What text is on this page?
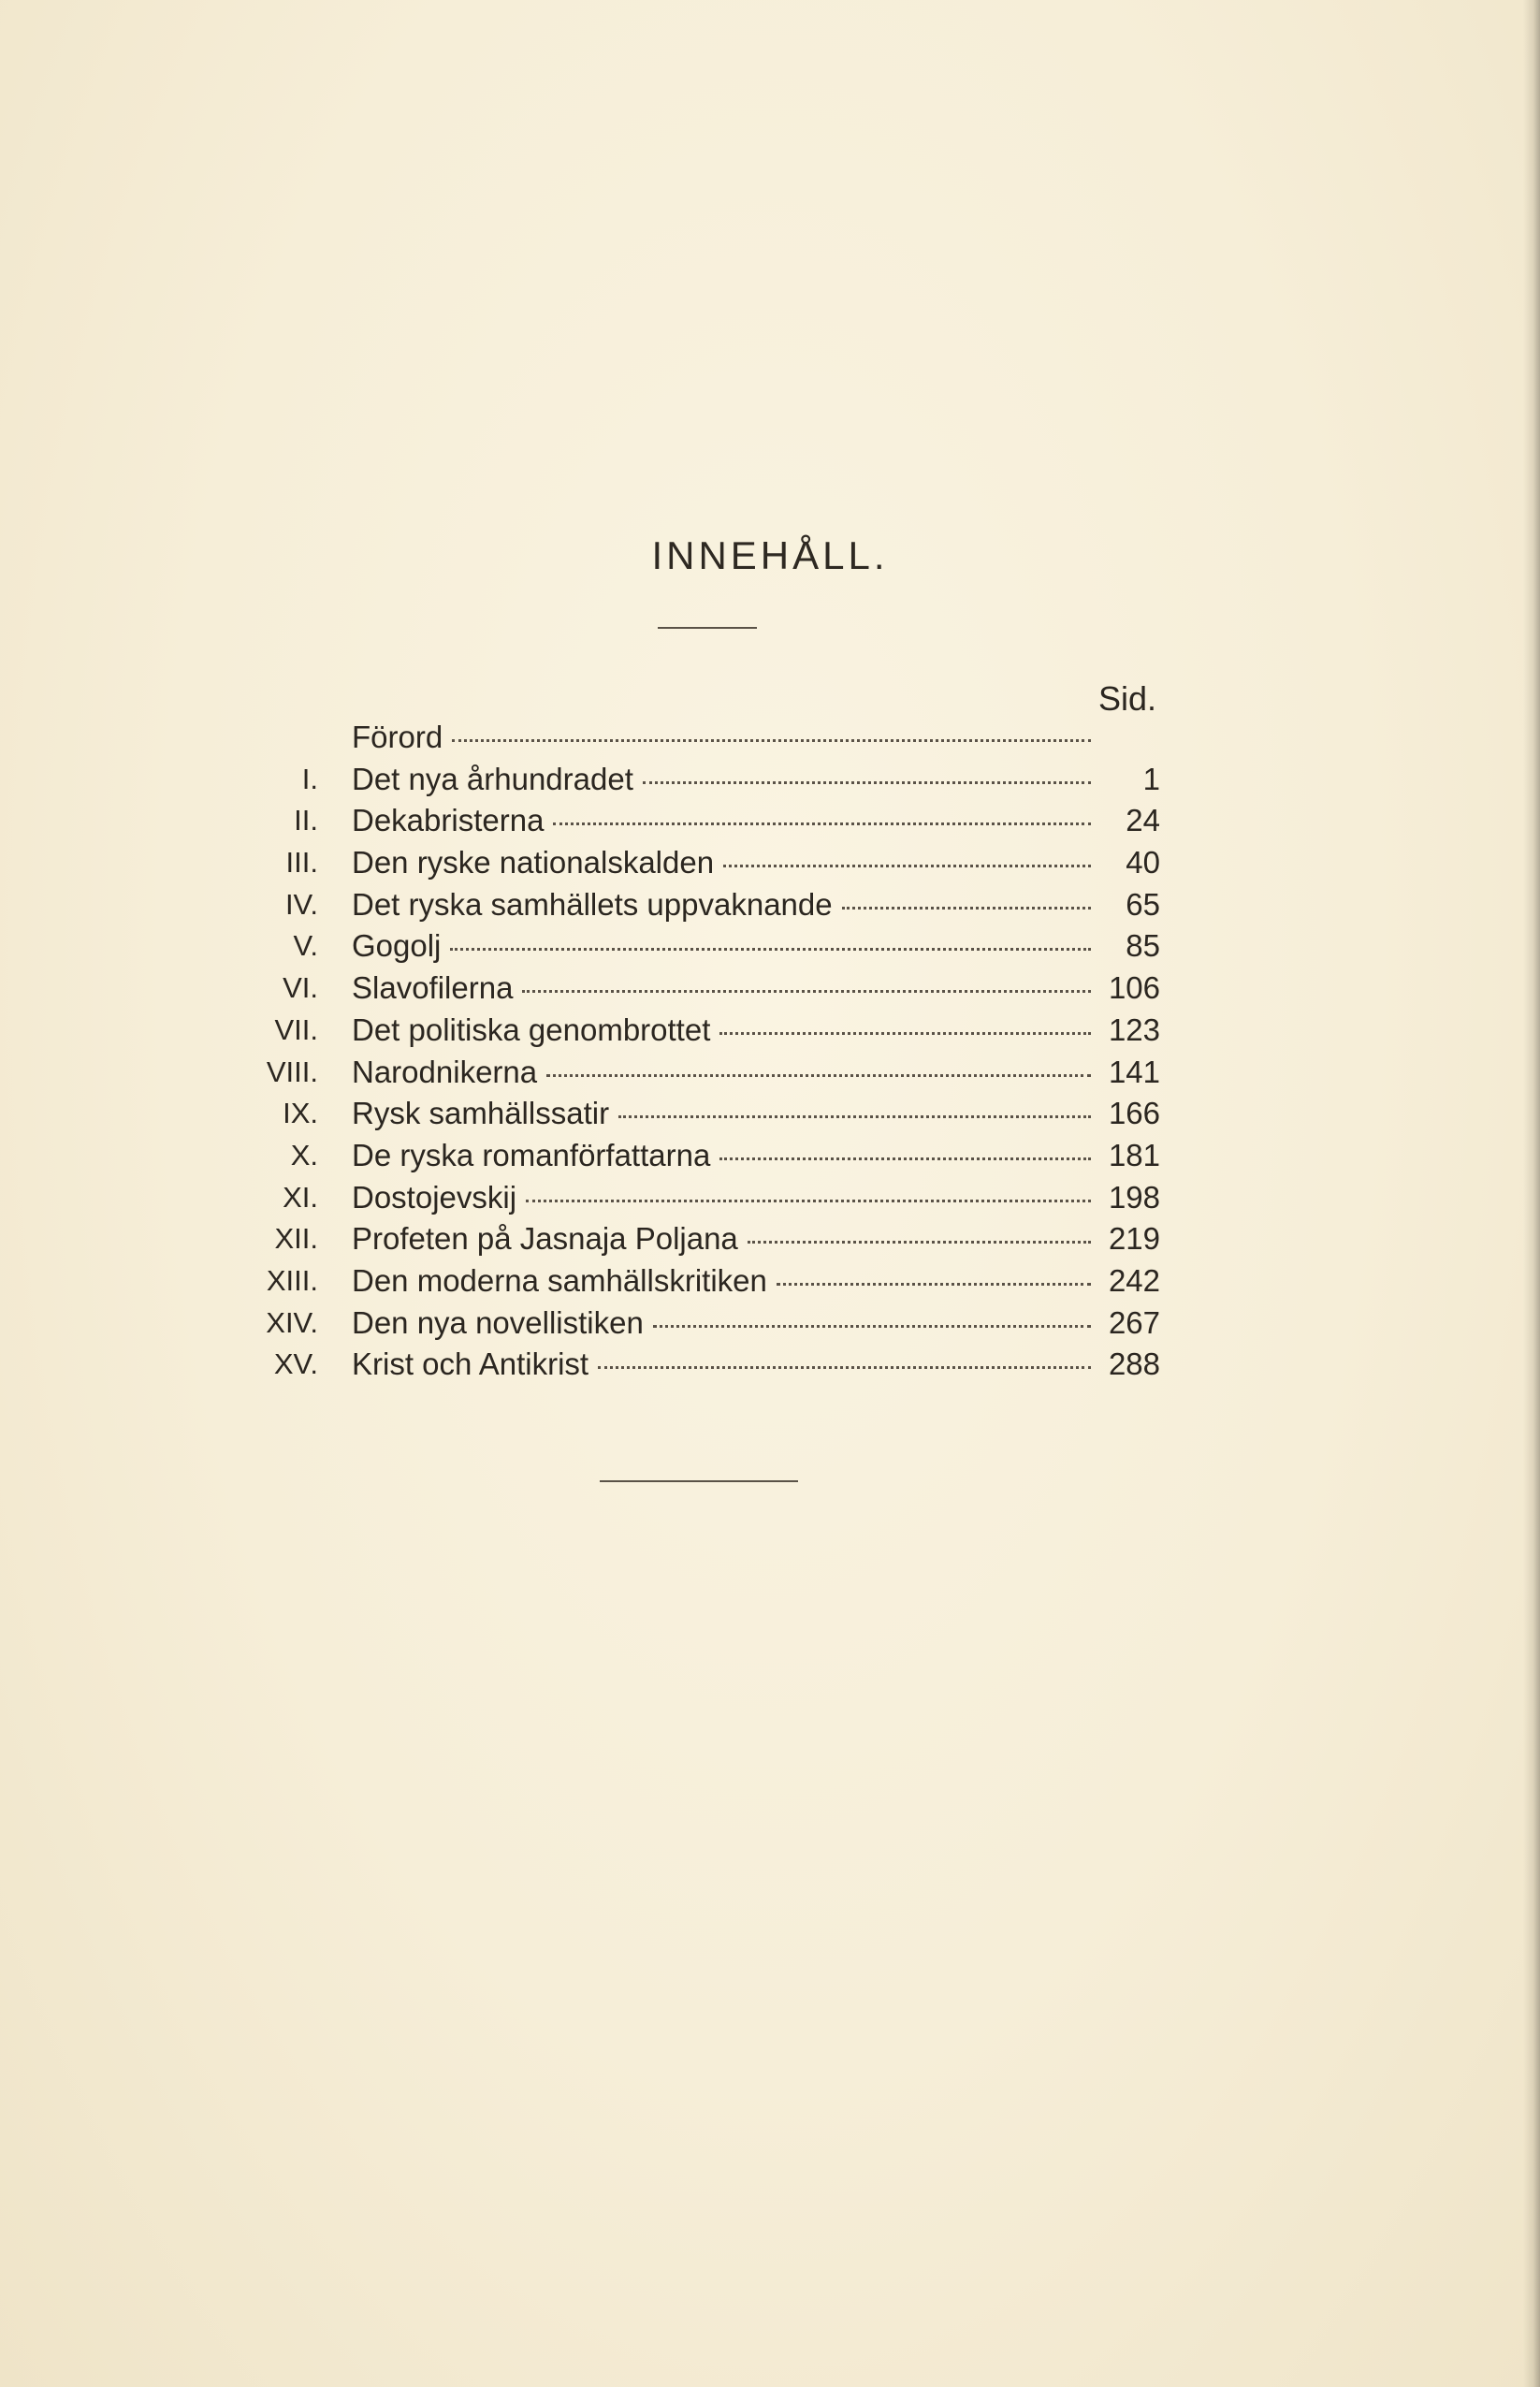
INNEHÅLL.
Sid.
Förord
I. Det nya århundradet	1
II. Dekabristerna	24
III. Den ryske nationalskalden	40
IV. Det ryska samhällets uppvaknande	65
V. Gogolj	85
VI. Slavofilerna	106
VII. Det politiska genombrottet	123
VIII. Narodnikerna	141
IX. Rysk samhällssatir	166
X. De ryska romanförfattarna	181
XI. Dostojevskij	198
XII. Profeten på Jasnaja Poljana	219
XIII. Den moderna samhällskritiken	242
XIV. Den nya novellistiken	267
XV. Krist och Antikrist	288
